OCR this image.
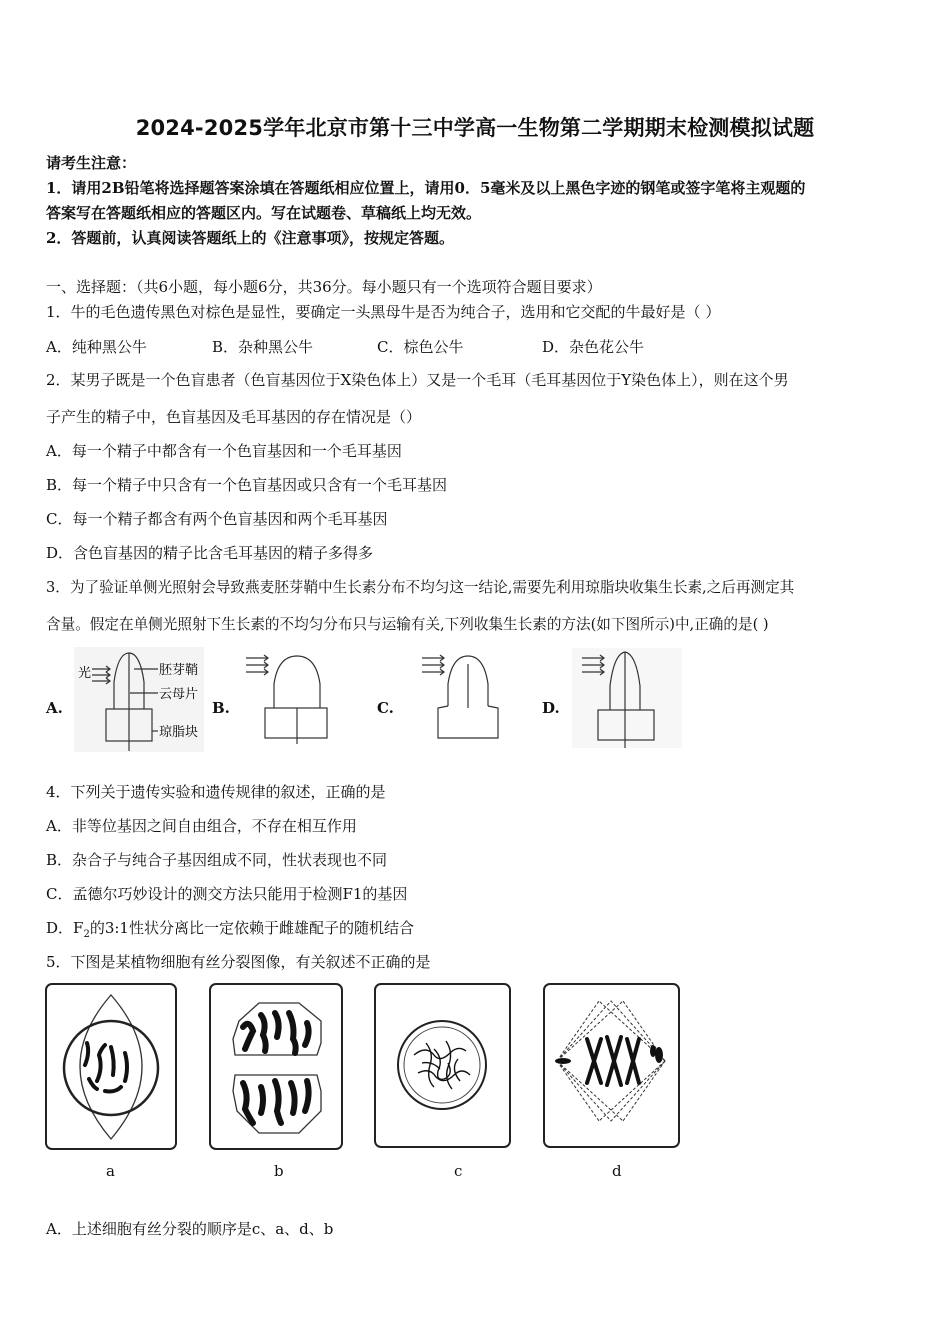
2024-2025学年北京市第十三中学高一生物第二学期期末检测模拟试题
请考生注意：
1．请用2B铅笔将选择题答案涂填在答题纸相应位置上，请用0．5毫米及以上黑色字迹的钢笔或签字笔将主观题的
答案写在答题纸相应的答题区内。写在试题卷、草稿纸上均无效。
2．答题前，认真阅读答题纸上的《注意事项》，按规定答题。
一、选择题：（共6小题，每小题6分，共36分。每小题只有一个选项符合题目要求）
1．牛的毛色遗传黑色对棕色是显性，要确定一头黑母牛是否为纯合子，选用和它交配的牛最好是（ ）
A．纯种黑公牛	B．杂种黑公牛	C．棕色公牛	D．杂色花公牛
2．某男子既是一个色盲患者（色盲基因位于X染色体上）又是一个毛耳（毛耳基因位于Y染色体上），则在这个男
子产生的精子中，色盲基因及毛耳基因的存在情况是（）
A．每一个精子中都含有一个色盲基因和一个毛耳基因
B．每一个精子中只含有一个色盲基因或只含有一个毛耳基因
C．每一个精子都含有两个色盲基因和两个毛耳基因
D．含色盲基因的精子比含毛耳基因的精子多得多
3．为了验证单侧光照射会导致燕麦胚芽鞘中生长素分布不均匀这一结论,需要先利用琼脂块收集生长素,之后再测定其
含量。假定在单侧光照射下生长素的不均匀分布只与运输有关,下列收集生长素的方法(如下图所示)中,正确的是( )
A.	B.	C.	D.
光	胚芽鞘
云母片
琼脂块
4．下列关于遗传实验和遗传规律的叙述，正确的是
A．非等位基因之间自由组合，不存在相互作用
B．杂合子与纯合子基因组成不同，性状表现也不同
C．孟德尔巧妙设计的测交方法只能用于检测F1的基因
D．$F_2$的3:1性状分离比一定依赖于雌雄配子的随机结合
5．下图是某植物细胞有丝分裂图像，有关叙述不正确的是
a	b	c	d
A．上述细胞有丝分裂的顺序是c、a、d、b
